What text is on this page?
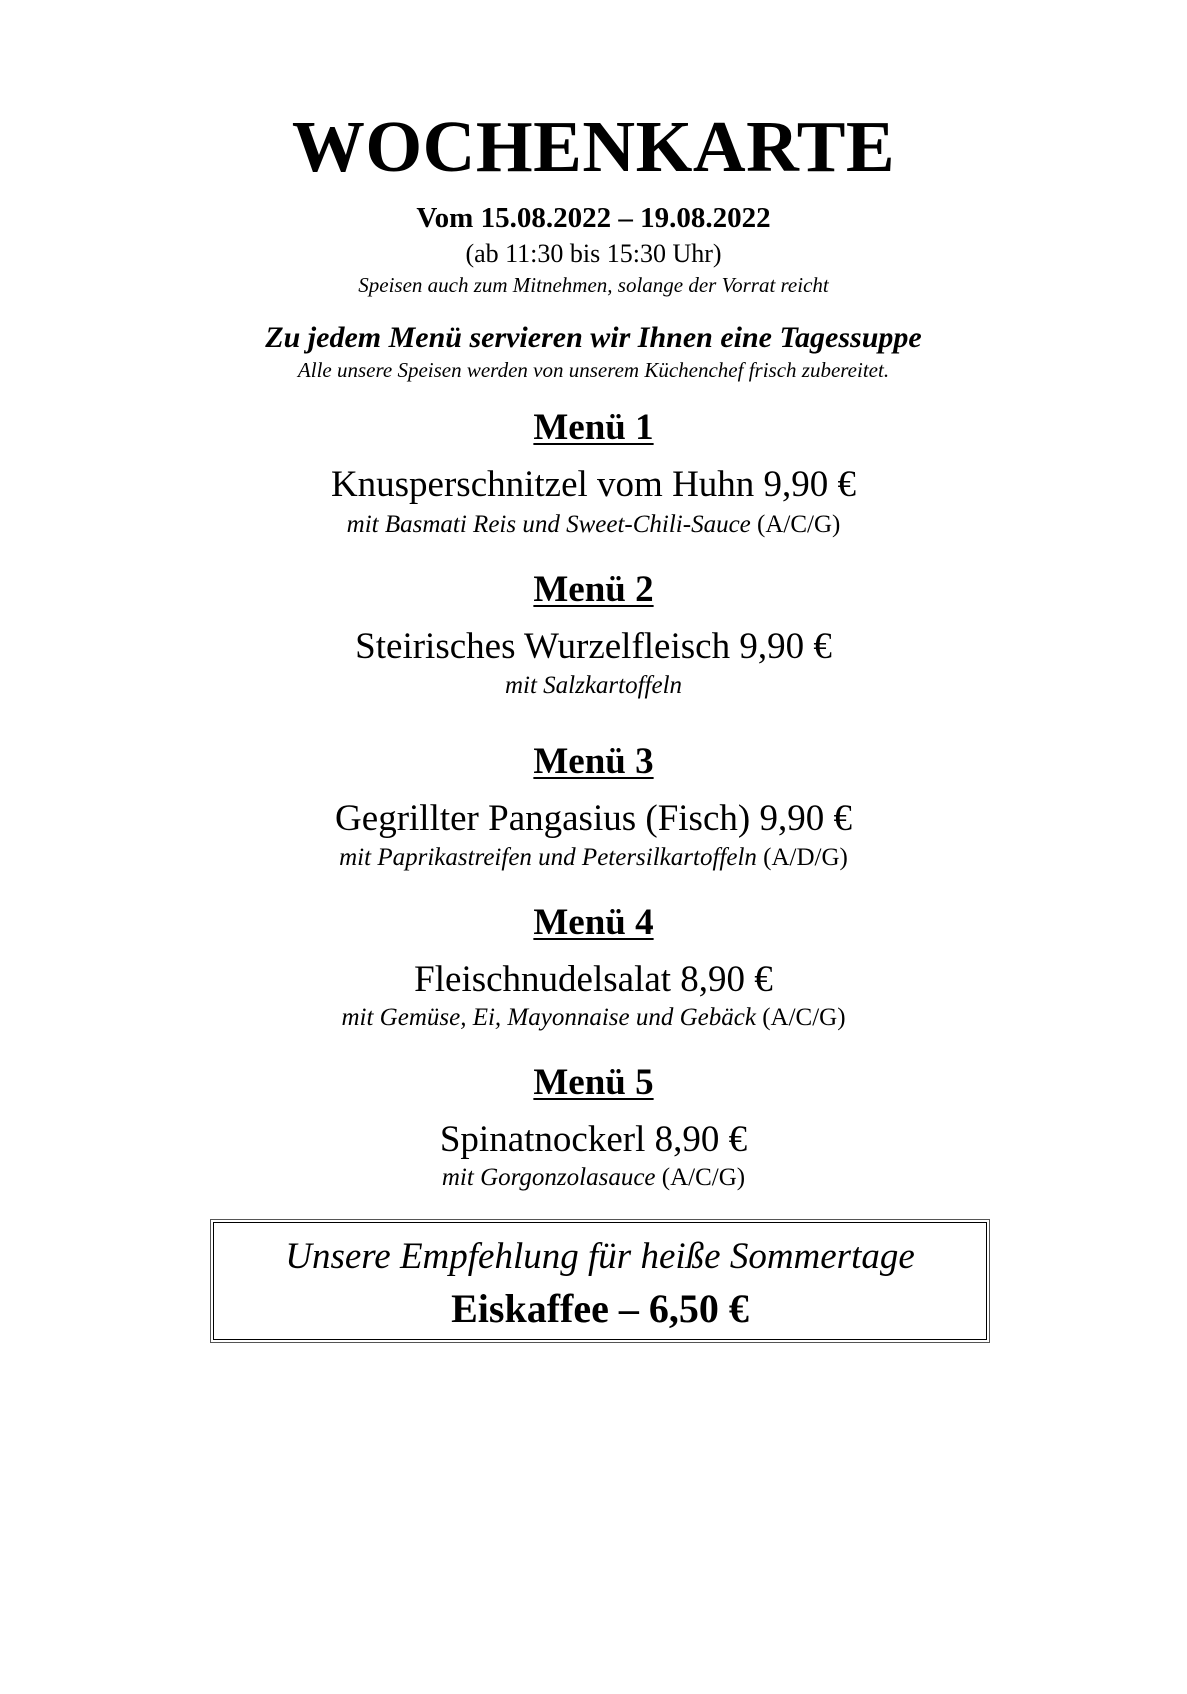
WOCHENKARTE
Vom 15.08.2022 – 19.08.2022
(ab 11:30 bis 15:30 Uhr)
Speisen auch zum Mitnehmen, solange der Vorrat reicht
Zu jedem Menü servieren wir Ihnen eine Tagessuppe
Alle unsere Speisen werden von unserem Küchenchef frisch zubereitet.
Menü 1
Knusperschnitzel vom Huhn 9,90 €
mit Basmati Reis und Sweet-Chili-Sauce (A/C/G)
Menü 2
Steirisches Wurzelfleisch 9,90 €
mit Salzkartoffeln
Menü 3
Gegrillter Pangasius (Fisch) 9,90 €
mit Paprikastreifen und Petersilkartoffeln (A/D/G)
Menü 4
Fleischnudelsalat 8,90 €
mit Gemüse, Ei, Mayonnaise und Gebäck (A/C/G)
Menü 5
Spinatnockerl 8,90 €
mit Gorgonzolasauce (A/C/G)
Unsere Empfehlung für heiße Sommertage
Eiskaffee – 6,50 €
